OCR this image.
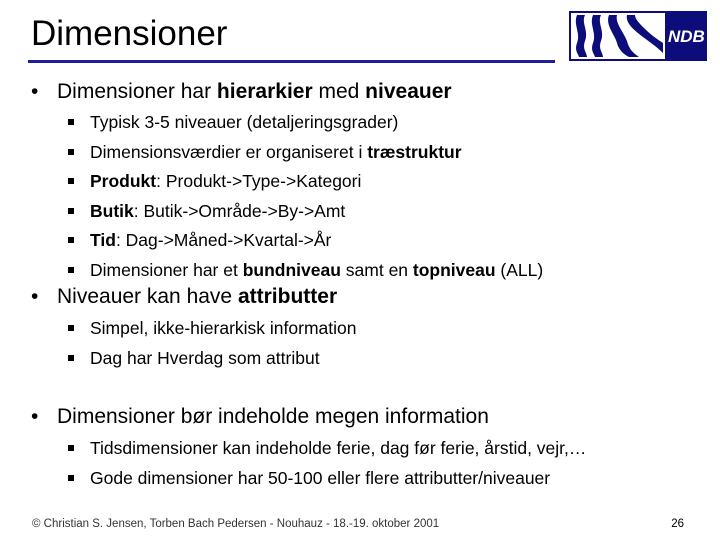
Dimensioner	NDB
• Dimensioner har hierarkier med niveauer
Typisk 3-5 niveauer (detaljeringsgrader)
Dimensionsværdier er organiseret i træstruktur
Produkt: Produkt->Type->Kategori
Butik: Butik->Område->By->Amt
Tid: Dag->Måned->Kvartal->År
Dimensioner har et bundniveau samt en topniveau (ALL)
• Niveauer kan have attributter
Simpel, ikke-hierarkisk information
Dag har Hverdag som attribut
• Dimensioner bør indeholde megen information
Tidsdimensioner kan indeholde ferie, dag før ferie, årstid, vejr,…
Gode dimensioner har 50-100 eller flere attributter/niveauer
© Christian S. Jensen, Torben Bach Pedersen - Nouhauz - 18.-19. oktober 2001	26
